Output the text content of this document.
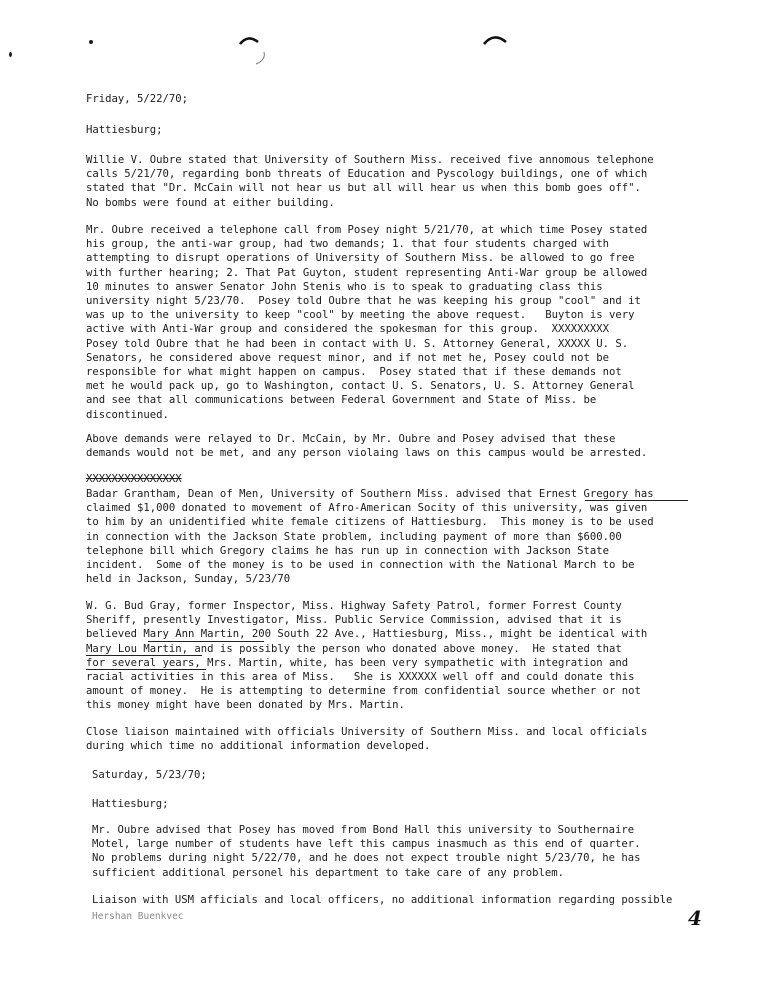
Friday, 5/22/70;

Hattiesburg;

Willie V. Oubre stated that University of Southern Miss. received five annomous telephone
calls 5/21/70, regarding bonb threats of Education and Pyscology buildings, one of which
stated that "Dr. McCain will not hear us but all will hear us when this bomb goes off".
No bombs were found at either building.

Mr. Oubre received a telephone call from Posey night 5/21/70, at which time Posey stated
his group, the anti-war group, had two demands; 1. that four students charged with
attempting to disrupt operations of University of Southern Miss. be allowed to go free
with further hearing; 2. That Pat Guyton, student representing Anti-War group be allowed
10 minutes to answer Senator John Stenis who is to speak to graduating class this
university night 5/23/70.  Posey told Oubre that he was keeping his group "cool" and it
was up to the university to keep "cool" by meeting the above request.   Buyton is very
active with Anti-War group and considered the spokesman for this group.  XXXXXXXXX
Posey told Oubre that he had been in contact with U. S. Attorney General, XXXXX U. S.
Senators, he considered above request minor, and if not met he, Posey could not be
responsible for what might happen on campus.  Posey stated that if these demands not
met he would pack up, go to Washington, contact U. S. Senators, U. S. Attorney General
and see that all communications between Federal Government and State of Miss. be
discontinued.

Above demands were relayed to Dr. McCain, by Mr. Oubre and Posey advised that these
demands would not be met, and any person violaing laws on this campus would be arrested.

XXXXXXXXXXXXXXX

Badar Grantham, Dean of Men, University of Southern Miss. advised that Ernest Gregory has
claimed $1,000 donated to movement of Afro-American Socity of this university, was given
to him by an unidentified white female citizens of Hattiesburg.  This money is to be used
in connection with the Jackson State problem, including payment of more than $600.00
telephone bill which Gregory claims he has run up in connection with Jackson State
incident.  Some of the money is to be used in connection with the National March to be
held in Jackson, Sunday, 5/23/70

W. G. Bud Gray, former Inspector, Miss. Highway Safety Patrol, former Forrest County
Sheriff, presently Investigator, Miss. Public Service Commission, advised that it is
believed Mary Ann Martin, 200 South 22 Ave., Hattiesburg, Miss., might be identical with
Mary Lou Martin, and is possibly the person who donated above money.  He stated that
for several years, Mrs. Martin, white, has been very sympathetic with integration and
racial activities in this area of Miss.   She is XXXXXX well off and could donate this
amount of money.  He is attempting to determine from confidential source whether or not
this money might have been donated by Mrs. Martin.

Close liaison maintained with officials University of Southern Miss. and local officials
during which time no additional information developed.

Saturday, 5/23/70;

Hattiesburg;

Mr. Oubre advised that Posey has moved from Bond Hall this university to Southernaire
Motel, large number of students have left this campus inasmuch as this end of quarter.
No problems during night 5/22/70, and he does not expect trouble night 5/23/70, he has
sufficient additional personel his department to take care of any problem.

Liaison with USM afficials and local officers, no additional information regarding possible

Hershan Buenkvec	4
